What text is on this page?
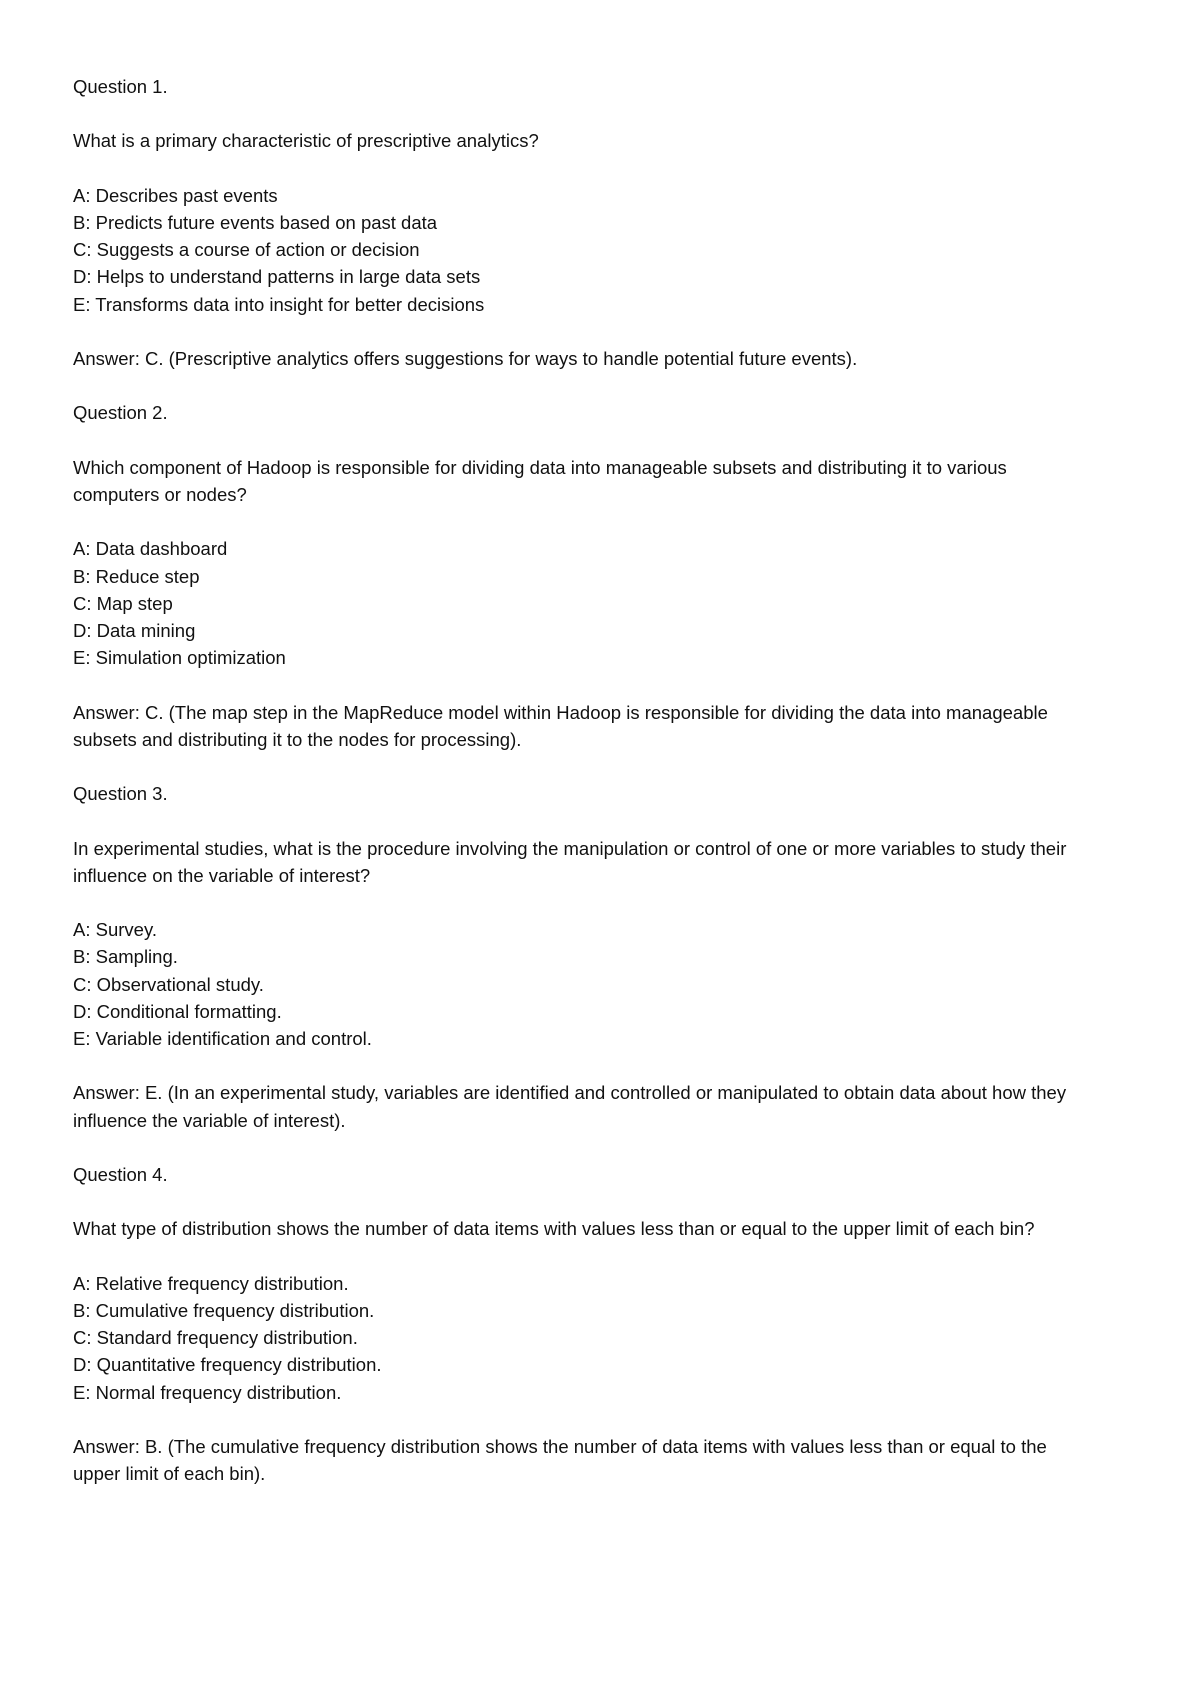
Question 1.

What is a primary characteristic of prescriptive analytics?

A: Describes past events
B: Predicts future events based on past data
C: Suggests a course of action or decision
D: Helps to understand patterns in large data sets
E: Transforms data into insight for better decisions

Answer: C. (Prescriptive analytics offers suggestions for ways to handle potential future events).

Question 2.

Which component of Hadoop is responsible for dividing data into manageable subsets and distributing it to various computers or nodes?

A: Data dashboard
B: Reduce step
C: Map step
D: Data mining
E: Simulation optimization

Answer: C. (The map step in the MapReduce model within Hadoop is responsible for dividing the data into manageable subsets and distributing it to the nodes for processing).

Question 3.

In experimental studies, what is the procedure involving the manipulation or control of one or more variables to study their influence on the variable of interest?

A: Survey.
B: Sampling.
C: Observational study.
D: Conditional formatting.
E: Variable identification and control.

Answer: E. (In an experimental study, variables are identified and controlled or manipulated to obtain data about how they influence the variable of interest).

Question 4.

What type of distribution shows the number of data items with values less than or equal to the upper limit of each bin?

A: Relative frequency distribution.
B: Cumulative frequency distribution.
C: Standard frequency distribution.
D: Quantitative frequency distribution.
E: Normal frequency distribution.

Answer: B. (The cumulative frequency distribution shows the number of data items with values less than or equal to the upper limit of each bin).
